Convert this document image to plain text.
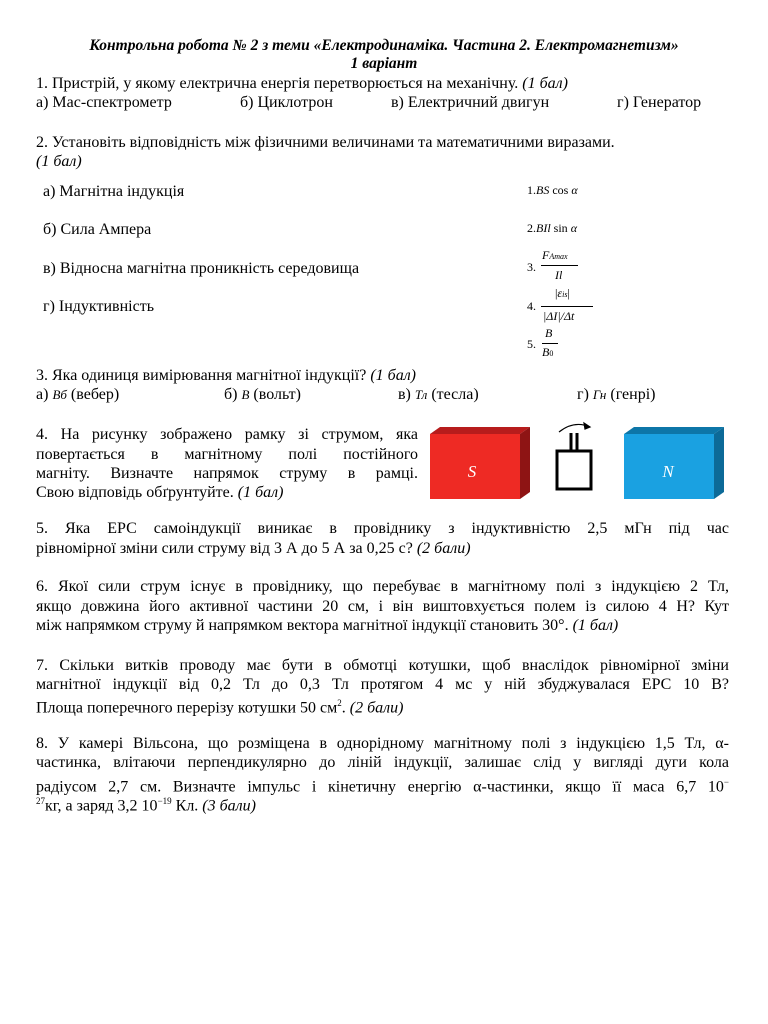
Контрольна робота № 2 з теми «Електродинаміка. Частина 2. Електромагнетизм»
1 варіант
1. Пристрій, у якому електрична енергія перетворюється на механічну. (1 бал)
а) Мас-спектрометр	б) Циклотрон	в) Електричний двигун	г) Генератор
2. Установіть відповідність між фізичними величинами та математичними виразами.
(1 бал)
а) Магнітна індукція
б) Сила Ампера
в) Відносна магнітна проникність середовища
г) Індуктивність
1.BS cos α
2.BIl sin α
3.
FAmax
Il
4.
|εis|
|ΔI|/Δt
5.
B
B0
3. Яка одиниця вимірювання магнітної індукції? (1 бал)
а) Вб (вебер)	б) В (вольт)	в) Тл (тесла)	г) Гн (генрі)
4. На рисунку зображено рамку зі струмом, яка
повертається в магнітному полі постійного
магніту. Визначте напрямок струму в рамці.
Свою відповідь обґрунтуйте. (1 бал)
S	N
5. Яка ЕРС самоіндукції виникає в провіднику з індуктивністю 2,5 мГн під час
рівномірної зміни сили струму від 3 А до 5 А за 0,25 с? (2 бали)
6. Якої сили струм існує в провіднику, що перебуває в магнітному полі з індукцією 2 Тл,
якщо довжина його активної частини 20 см, і він виштовхується полем із силою 4 Н? Кут
між напрямком струму й напрямком вектора магнітної індукції становить 30°. (1 бал)
7. Скільки витків проводу має бути в обмотці котушки, щоб внаслідок рівномірної зміни
магнітної індукції від 0,2 Тл до 0,3 Тл протягом 4 мс у ній збуджувалася ЕРС 10 В?
Площа поперечного перерізу котушки 50 $см^2$. (2 бали)
8. У камері Вільсона, що розміщена в однорідному магнітному полі з індукцією 1,5 Тл, α-
частинка, влітаючи перпендикулярно до ліній індукції, залишає слід у вигляді дуги кола
радіусом 2,7 см. Визначте імпульс і кінетичну енергію α-частинки, якщо її маса 6,7 10−
$^{27}$кг, а заряд 3,2 $10^{-19}$ Кл. (3 бали)
